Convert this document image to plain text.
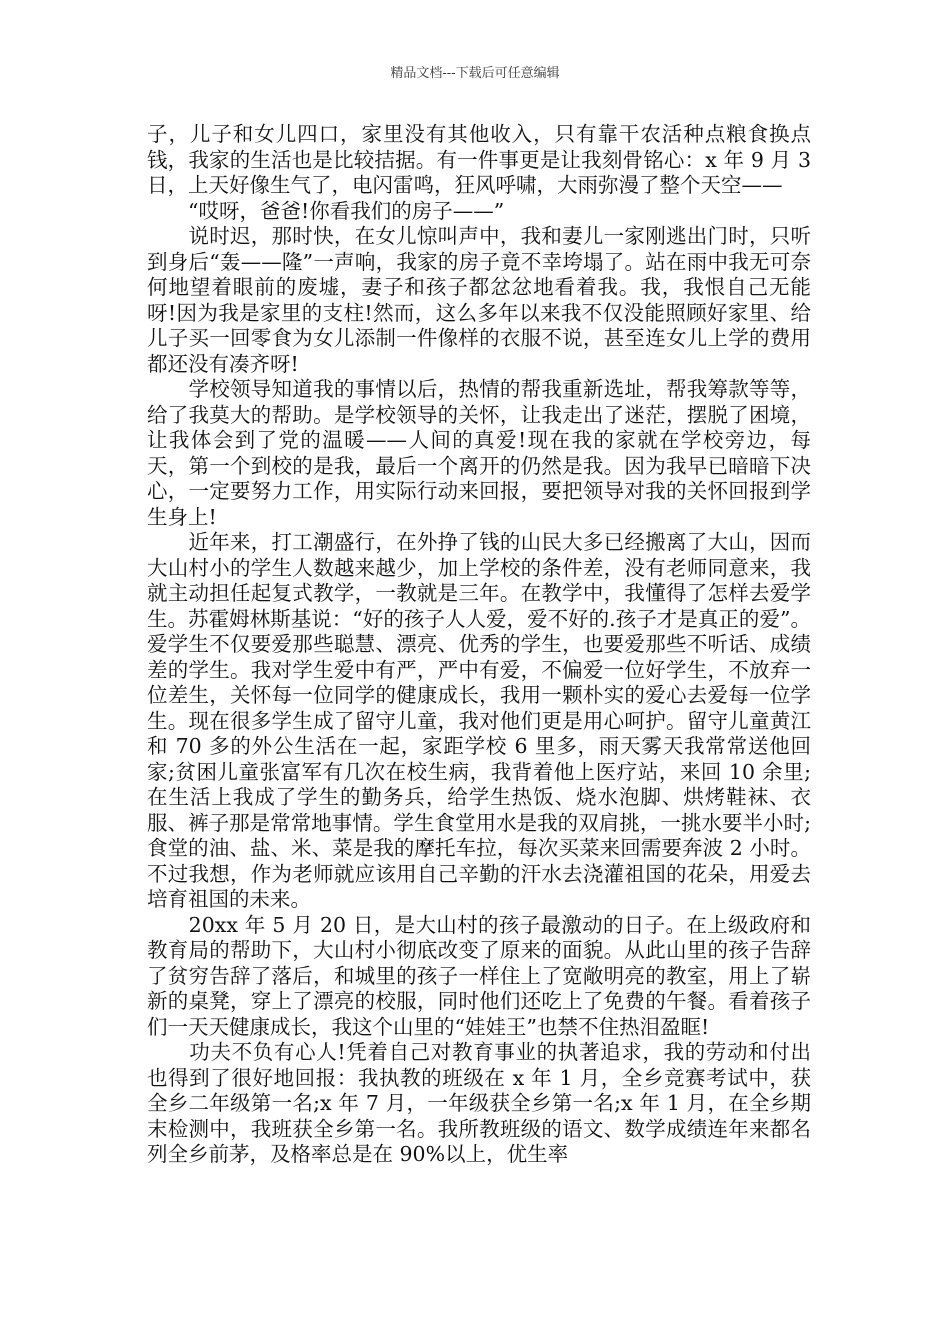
精品文档---下载后可任意编辑

子，儿子和女儿四口，家里没有其他收入，只有靠干农活种点粮食换点钱，我家的生活也是比较拮据。有一件事更是让我刻骨铭心：x 年 9 月 3 日，上天好像生气了，电闪雷鸣，狂风呼啸，大雨弥漫了整个天空——

　　“哎呀，爸爸!你看我们的房子——”

　　说时迟，那时快，在女儿惊叫声中，我和妻儿一家刚逃出门时，只听到身后“轰——隆”一声响，我家的房子竟不幸垮塌了。站在雨中我无可奈何地望着眼前的废墟，妻子和孩子都忿忿地看着我。我，我恨自己无能呀!因为我是家里的支柱!然而，这么多年以来我不仅没能照顾好家里、给儿子买一回零食为女儿添制一件像样的衣服不说，甚至连女儿上学的费用都还没有凑齐呀!

　　学校领导知道我的事情以后，热情的帮我重新选址，帮我筹款等等，给了我莫大的帮助。是学校领导的关怀，让我走出了迷茫，摆脱了困境，让我体会到了党的温暖——人间的真爱!现在我的家就在学校旁边，每天，第一个到校的是我，最后一个离开的仍然是我。因为我早已暗暗下决心，一定要努力工作，用实际行动来回报，要把领导对我的关怀回报到学生身上!

　　近年来，打工潮盛行，在外挣了钱的山民大多已经搬离了大山，因而大山村小的学生人数越来越少，加上学校的条件差，没有老师同意来，我就主动担任起复式教学，一教就是三年。在教学中，我懂得了怎样去爱学生。苏霍姆林斯基说：“好的孩子人人爱，爱不好的.孩子才是真正的爱”。爱学生不仅要爱那些聪慧、漂亮、优秀的学生，也要爱那些不听话、成绩差的学生。我对学生爱中有严，严中有爱，不偏爱一位好学生，不放弃一位差生，关怀每一位同学的健康成长，我用一颗朴实的爱心去爱每一位学生。现在很多学生成了留守儿童，我对他们更是用心呵护。留守儿童黄江和 70 多的外公生活在一起，家距学校 6 里多，雨天雾天我常常送他回家;贫困儿童张富军有几次在校生病，我背着他上医疗站，来回 10 余里;在生活上我成了学生的勤务兵，给学生热饭、烧水泡脚、烘烤鞋袜、衣服、裤子那是常常地事情。学生食堂用水是我的双肩挑，一挑水要半小时;食堂的油、盐、米、菜是我的摩托车拉，每次买菜来回需要奔波 2 小时。不过我想，作为老师就应该用自己辛勤的汗水去浇灌祖国的花朵，用爱去培育祖国的未来。

　　20xx 年 5 月 20 日，是大山村的孩子最激动的日子。在上级政府和教育局的帮助下，大山村小彻底改变了原来的面貌。从此山里的孩子告辞了贫穷告辞了落后，和城里的孩子一样住上了宽敞明亮的教室，用上了崭新的桌凳，穿上了漂亮的校服，同时他们还吃上了免费的午餐。看着孩子们一天天健康成长，我这个山里的“娃娃王”也禁不住热泪盈眶!

　　功夫不负有心人!凭着自己对教育事业的执著追求，我的劳动和付出也得到了很好地回报：我执教的班级在 x 年 1 月，全乡竞赛考试中，获全乡二年级第一名;x 年 7 月，一年级获全乡第一名;x 年 1 月，在全乡期末检测中，我班获全乡第一名。我所教班级的语文、数学成绩连年来都名列全乡前茅，及格率总是在 90%以上，优生率
